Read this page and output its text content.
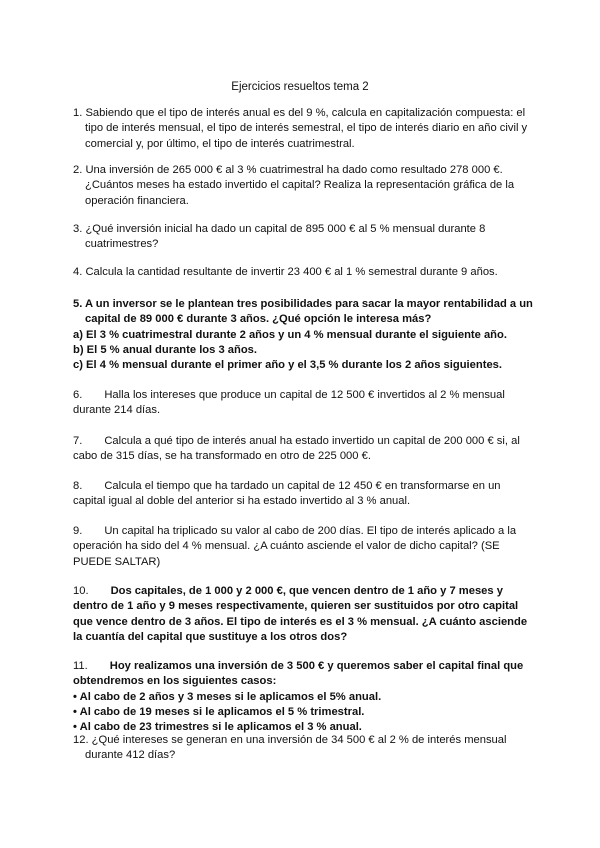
Ejercicios resueltos tema 2
1. Sabiendo que el tipo de interés anual es del 9 %, calcula en capitalización compuesta: el tipo de interés mensual, el tipo de interés semestral, el tipo de interés diario en año civil y comercial y, por último, el tipo de interés cuatrimestral.
2. Una inversión de 265 000 € al 3 % cuatrimestral ha dado como resultado 278 000 €. ¿Cuántos meses ha estado invertido el capital? Realiza la representación gráfica de la operación financiera.
3. ¿Qué inversión inicial ha dado un capital de 895 000 € al 5 % mensual durante 8 cuatrimestres?
4. Calcula la cantidad resultante de invertir 23 400 € al 1 % semestral durante 9 años.
5. A un inversor se le plantean tres posibilidades para sacar la mayor rentabilidad a un capital de 89 000 € durante 3 años. ¿Qué opción le interesa más?
a) El 3 % cuatrimestral durante 2 años y un 4 % mensual durante el siguiente año.
b) El 5 % anual durante los 3 años.
c) El 4 % mensual durante el primer año y el 3,5 % durante los 2 años siguientes.
6. Halla los intereses que produce un capital de 12 500 € invertidos al 2 % mensual durante 214 días.
7. Calcula a qué tipo de interés anual ha estado invertido un capital de 200 000 € si, al cabo de 315 días, se ha transformado en otro de 225 000 €.
8. Calcula el tiempo que ha tardado un capital de 12 450 € en transformarse en un capital igual al doble del anterior si ha estado invertido al 3 % anual.
9. Un capital ha triplicado su valor al cabo de 200 días. El tipo de interés aplicado a la operación ha sido del 4 % mensual. ¿A cuánto asciende el valor de dicho capital? (SE PUEDE SALTAR)
10. Dos capitales, de 1 000 y 2 000 €, que vencen dentro de 1 año y 7 meses y dentro de 1 año y 9 meses respectivamente, quieren ser sustituidos por otro capital que vence dentro de 3 años. El tipo de interés es el 3 % mensual. ¿A cuánto asciende la cuantía del capital que sustituye a los otros dos?
11. Hoy realizamos una inversión de 3 500 € y queremos saber el capital final que obtendremos en los siguientes casos:
• Al cabo de 2 años y 3 meses si le aplicamos el 5% anual.
• Al cabo de 19 meses si le aplicamos el 5 % trimestral.
• Al cabo de 23 trimestres si le aplicamos el 3 % anual.
12. ¿Qué intereses se generan en una inversión de 34 500 € al 2 % de interés mensual durante 412 días?
